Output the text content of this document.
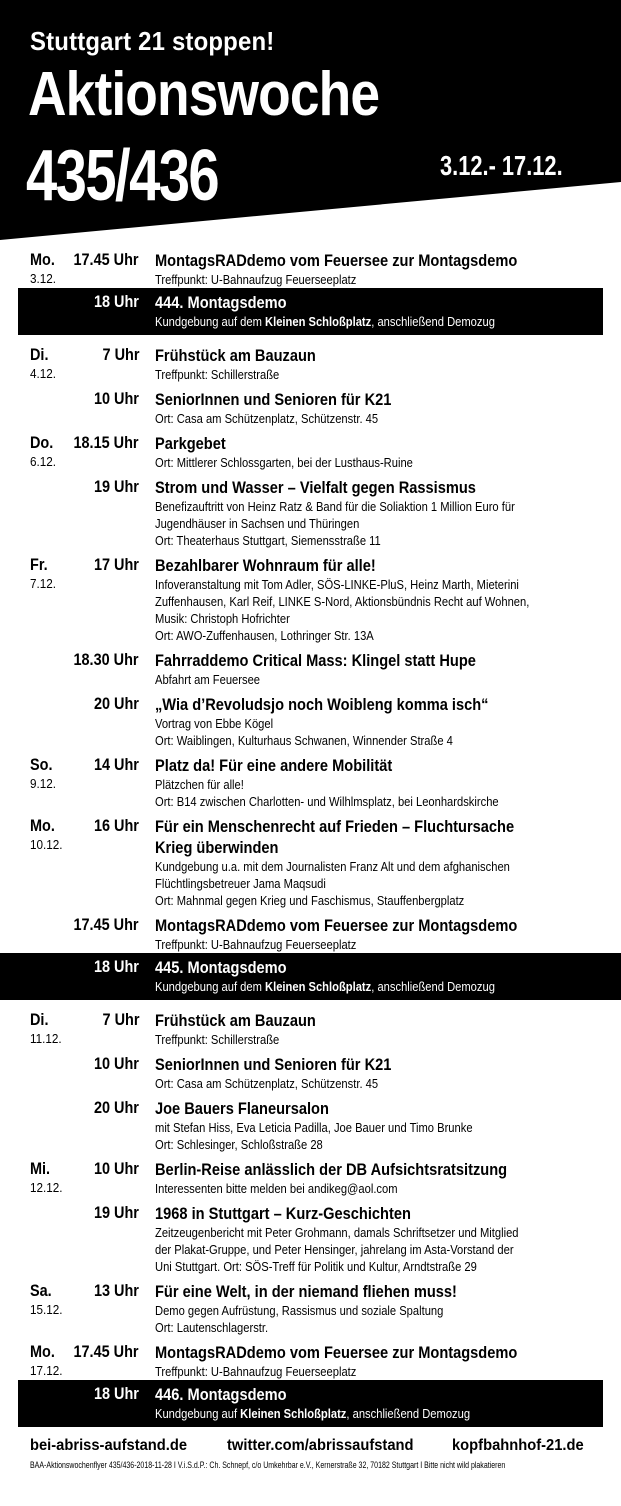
Stuttgart 21 stoppen!
Aktionswoche
435/436	3.12.- 17.12.
Mo.
3.12.
17.45 Uhr MontagsRADdemo vom Feuersee zur Montagsdemo
Treffpunkt: U-Bahnaufzug Feuerseeplatz
18 Uhr 444. Montagsdemo
Kundgebung auf dem Kleinen Schloßplatz, anschließend Demozug
Di.
4.12.
7 Uhr Frühstück am Bauzaun
Treffpunkt: Schillerstraße
10 Uhr SeniorInnen und Senioren für K21
Ort: Casa am Schützenplatz, Schützenstr. 45
Do.
6.12.
18.15 Uhr Parkgebet
Ort: Mittlerer Schlossgarten, bei der Lusthaus-Ruine
19 Uhr Strom und Wasser – Vielfalt gegen Rassismus
Benefizauftritt von Heinz Ratz & Band für die Soliaktion 1 Million Euro für
Jugendhäuser in Sachsen und Thüringen
Ort: Theaterhaus Stuttgart, Siemensstraße 11
Fr.
7.12.
17 Uhr Bezahlbarer Wohnraum für alle!
Infoveranstaltung mit Tom Adler, SÖS-LINKE-PluS, Heinz Marth, Mieterini
Zuffenhausen, Karl Reif, LINKE S-Nord, Aktionsbündnis Recht auf Wohnen,
Musik: Christoph Hofrichter
Ort: AWO-Zuffenhausen, Lothringer Str. 13A
18.30 Uhr Fahrraddemo Critical Mass: Klingel statt Hupe
Abfahrt am Feuersee
20 Uhr „Wia d’Revoludsjo noch Woibleng komma isch“
Vortrag von Ebbe Kögel
Ort: Waiblingen, Kulturhaus Schwanen, Winnender Straße 4
So.
9.12.
14 Uhr Platz da! Für eine andere Mobilität
Plätzchen für alle!
Ort: B14 zwischen Charlotten- und Wilhlmsplatz, bei Leonhardskirche
Mo.
10.12.
16 Uhr Für ein Menschenrecht auf Frieden – Fluchtursache
Krieg überwinden
Kundgebung u.a. mit dem Journalisten Franz Alt und dem afghanischen
Flüchtlingsbetreuer Jama Maqsudi
Ort: Mahnmal gegen Krieg und Faschismus, Stauffenbergplatz
17.45 Uhr MontagsRADdemo vom Feuersee zur Montagsdemo
Treffpunkt: U-Bahnaufzug Feuerseeplatz
18 Uhr 445. Montagsdemo
Kundgebung auf dem Kleinen Schloßplatz, anschließend Demozug
Di.
11.12.
7 Uhr Frühstück am Bauzaun
Treffpunkt: Schillerstraße
10 Uhr SeniorInnen und Senioren für K21
Ort: Casa am Schützenplatz, Schützenstr. 45
20 Uhr Joe Bauers Flaneursalon
mit Stefan Hiss, Eva Leticia Padilla, Joe Bauer und Timo Brunke
Ort: Schlesinger, Schloßstraße 28
Mi.
12.12.
10 Uhr Berlin-Reise anlässlich der DB Aufsichtsratsitzung
Interessenten bitte melden bei andikeg@aol.com
19 Uhr 1968 in Stuttgart – Kurz-Geschichten
Zeitzeugenbericht mit Peter Grohmann, damals Schriftsetzer und Mitglied
der Plakat-Gruppe, und Peter Hensinger, jahrelang im Asta-Vorstand der
Uni Stuttgart. Ort: SÖS-Treff für Politik und Kultur, Arndtstraße 29
Sa.
15.12.
13 Uhr Für eine Welt, in der niemand fliehen muss!
Demo gegen Aufrüstung, Rassismus und soziale Spaltung
Ort: Lautenschlagerstr.
Mo.
17.12.
17.45 Uhr MontagsRADdemo vom Feuersee zur Montagsdemo
Treffpunkt: U-Bahnaufzug Feuerseeplatz
18 Uhr 446. Montagsdemo
Kundgebung auf Kleinen Schloßplatz, anschließend Demozug
bei-abriss-aufstand.de twitter.com/abrissaufstand kopfbahnhof-21.de
BAA-Aktionswochenflyer 435/436-2018-11-28 I V.i.S.d.P.: Ch. Schnepf, c/o Umkehrbar e.V., Kernerstraße 32, 70182 Stuttgart I Bitte nicht wild plakatieren
